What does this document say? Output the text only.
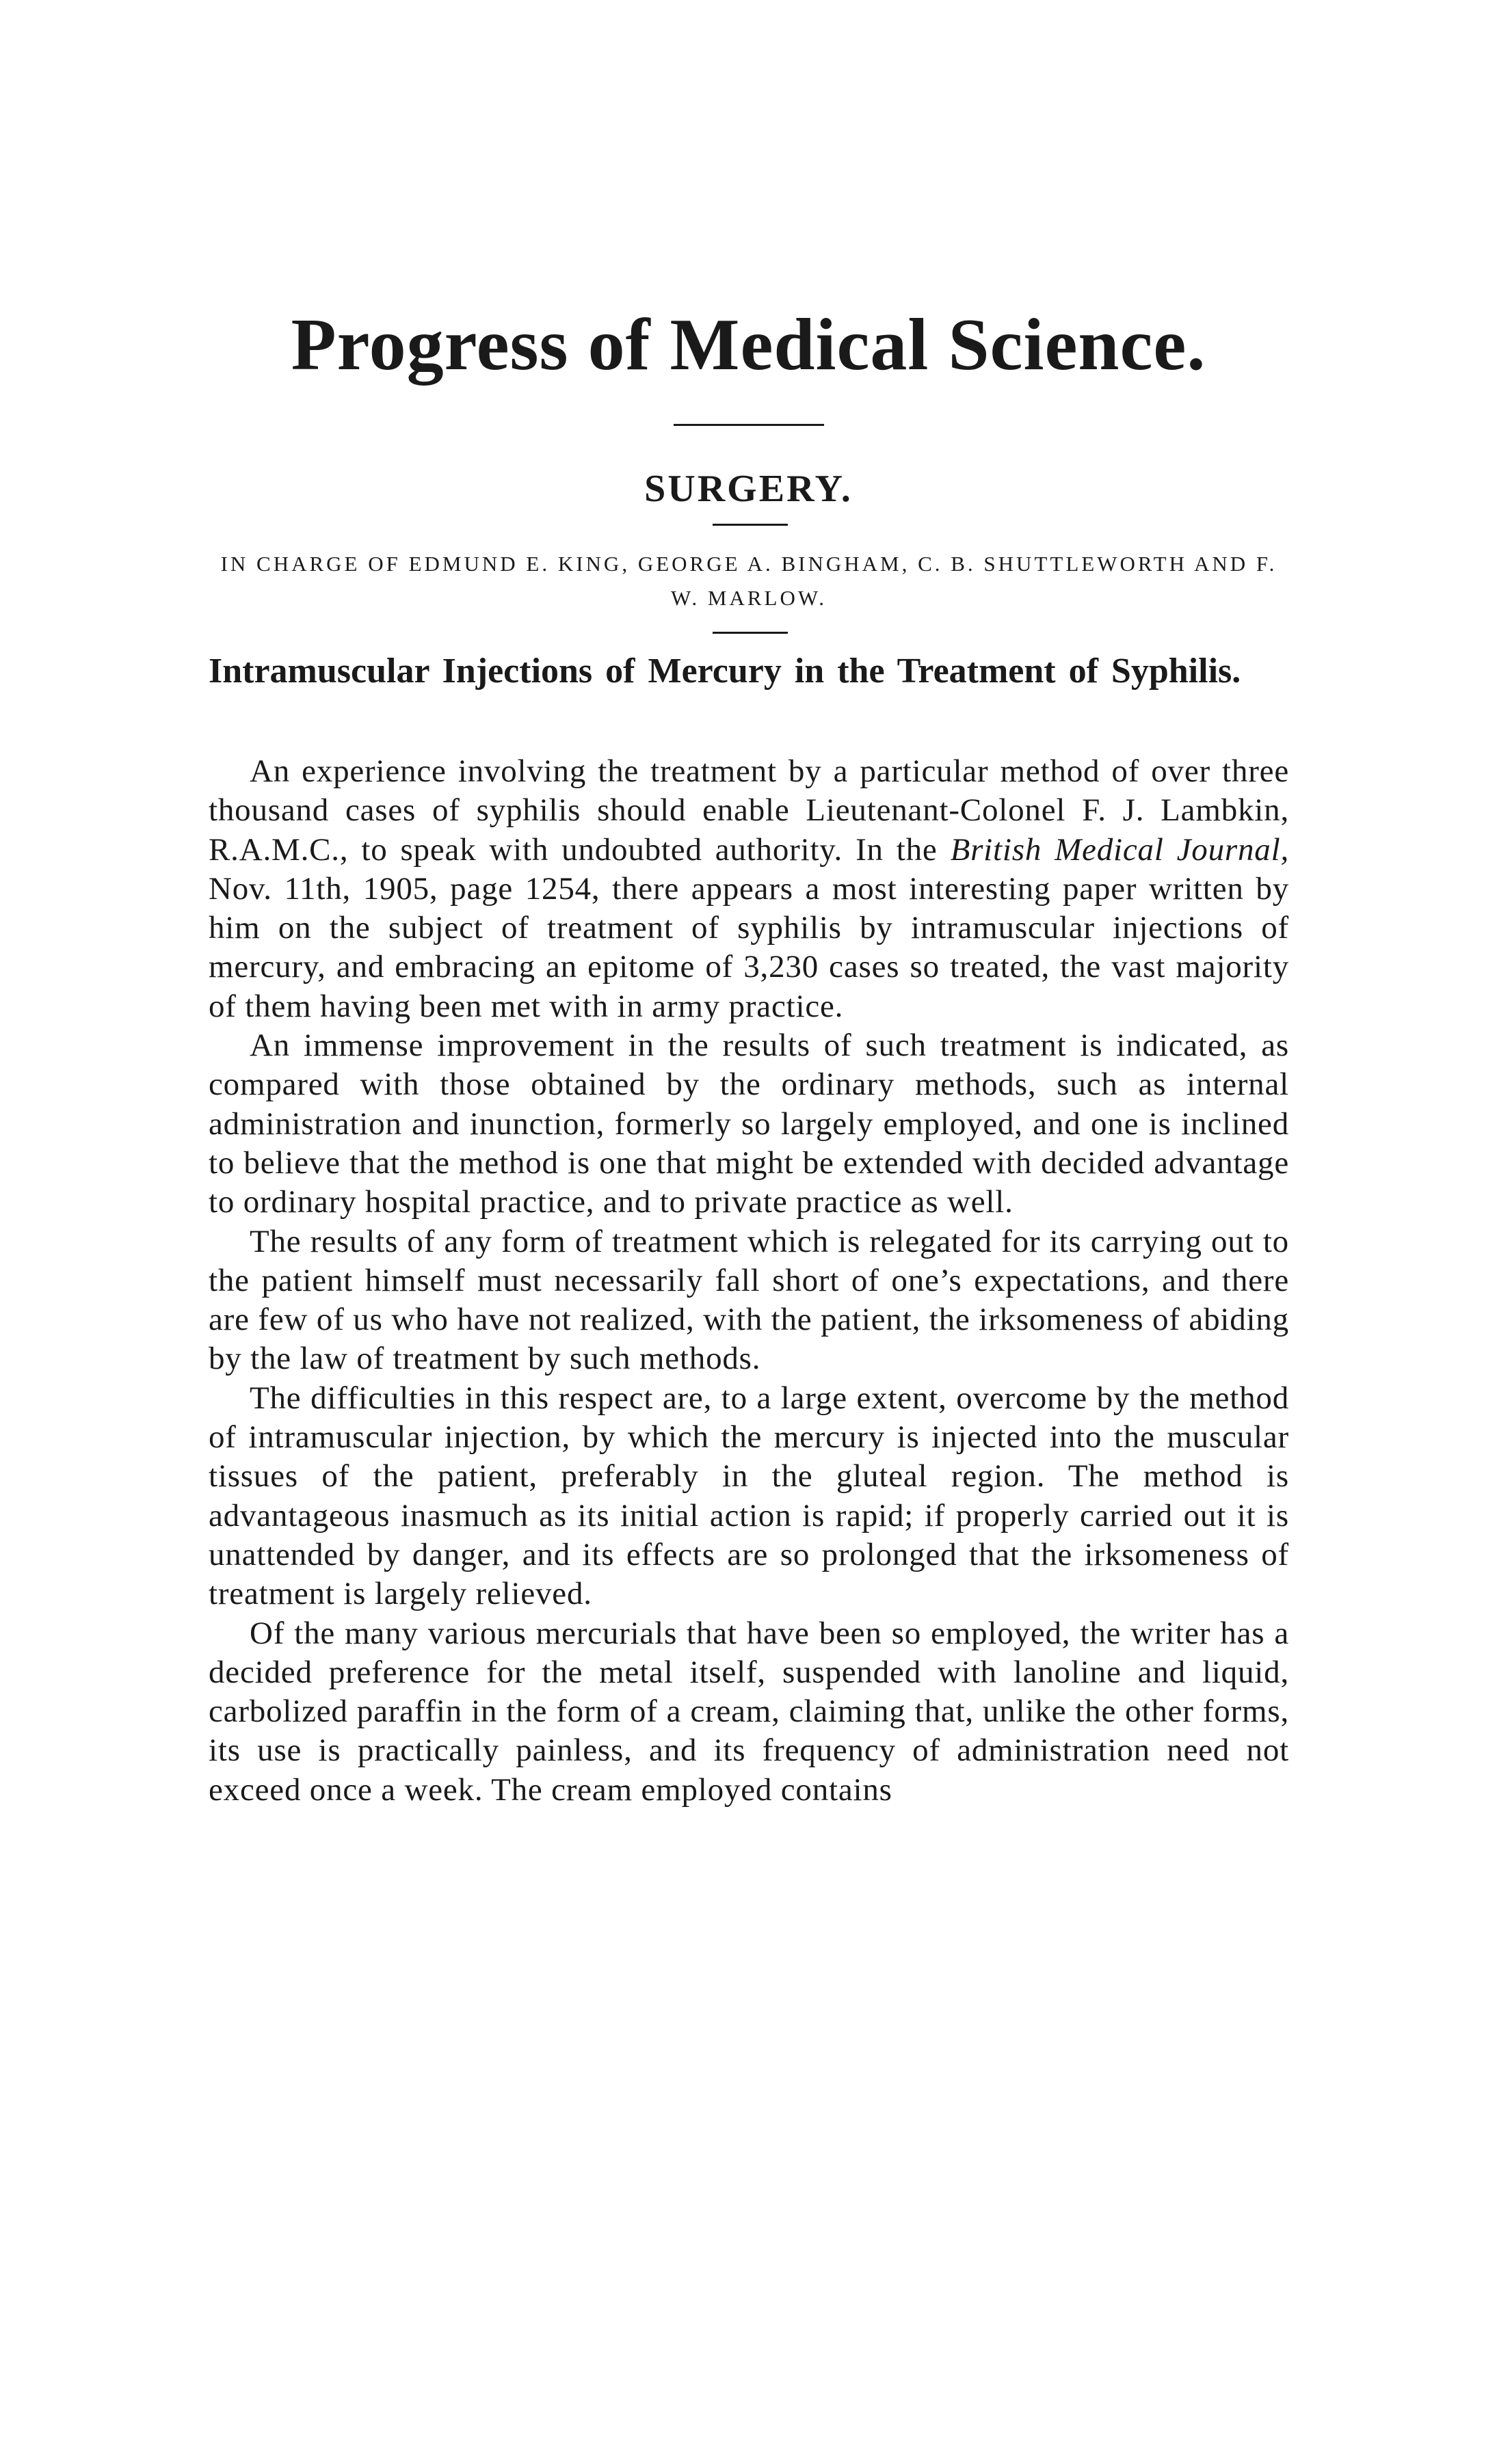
Progress of Medical Science.
SURGERY.

IN CHARGE OF EDMUND E. KING, GEORGE A. BINGHAM, C. B. SHUTTLEWORTH AND F. W. MARLOW.

Intramuscular Injections of Mercury in the Treatment of Syphilis.

An experience involving the treatment by a particular method of over three thousand cases of syphilis should enable Lieutenant-Colonel F. J. Lambkin, R.A.M.C., to speak with undoubted authority. In the British Medical Journal, Nov. 11th, 1905, page 1254, there appears a most interesting paper written by him on the subject of treatment of syphilis by intramuscular injections of mercury, and embracing an epitome of 3,230 cases so treated, the vast majority of them having been met with in army practice.

An immense improvement in the results of such treatment is indicated, as compared with those obtained by the ordinary methods, such as internal administration and inunction, formerly so largely employed, and one is inclined to believe that the method is one that might be extended with decided advantage to ordinary hospital practice, and to private practice as well.

The results of any form of treatment which is relegated for its carrying out to the patient himself must necessarily fall short of one’s expectations, and there are few of us who have not realized, with the patient, the irksomeness of abiding by the law of treatment by such methods.

The difficulties in this respect are, to a large extent, overcome by the method of intramuscular injection, by which the mercury is injected into the muscular tissues of the patient, preferably in the gluteal region. The method is advantageous inasmuch as its initial action is rapid; if properly carried out it is unattended by danger, and its effects are so prolonged that the irksomeness of treatment is largely relieved.

Of the many various mercurials that have been so employed, the writer has a decided preference for the metal itself, suspended with lanoline and liquid, carbolized paraffin in the form of a cream, claiming that, unlike the other forms, its use is practically painless, and its frequency of administration need not exceed once a week. The cream employed contains
